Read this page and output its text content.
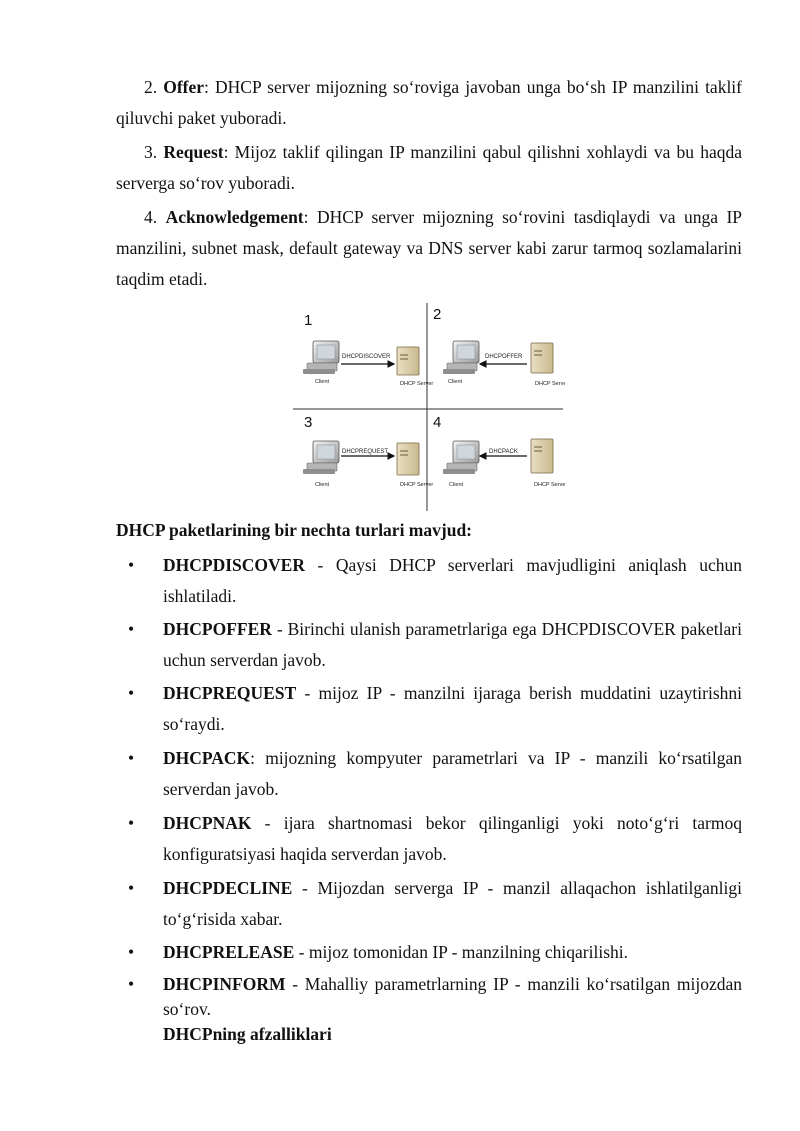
2. Offer: DHCP server mijozning so‘roviga javoban unga bo‘sh IP manzilini taklif qiluvchi paket yuboradi.

3. Request: Mijoz taklif qilingan IP manzilini qabul qilishni xohlaydi va bu haqda serverga so‘rov yuboradi.

4. Acknowledgement: DHCP server mijozning so‘rovini tasdiqlaydi va unga IP manzilini, subnet mask, default gateway va DNS server kabi zarur tarmoq sozlamalarini taqdim etadi.

1
Client
DHCPDISCOVER
DHCP Server
2
Client
DHCPOFFER
DHCP Server
3
Client
DHCPREQUEST
DHCP Server
4
Client
DHCPACK
DHCP Server

DHCP paketlarining bir nechta turlari mavjud:

•	DHCPDISCOVER - Qaysi DHCP serverlari mavjudligini aniqlash uchun ishlatiladi.
•	DHCPOFFER - Birinchi ulanish parametrlariga ega DHCPDISCOVER paketlari uchun serverdan javob.
•	DHCPREQUEST - mijoz IP - manzilni ijaraga berish muddatini uzaytirishni so‘raydi.
•	DHCPACK: mijozning kompyuter parametrlari va IP - manzili ko‘rsatilgan serverdan javob.
•	DHCPNAK - ijara shartnomasi bekor qilinganligi yoki noto‘g‘ri tarmoq konfiguratsiyasi haqida serverdan javob.
•	DHCPDECLINE - Mijozdan serverga IP - manzil allaqachon ishlatilganligi to‘g‘risida xabar.
•	DHCPRELEASE - mijoz tomonidan IP - manzilning chiqarilishi.
•	DHCPINFORM - Mahalliy parametrlarning IP - manzili ko‘rsatilgan mijozdan so‘rov.

DHCPning afzalliklari
